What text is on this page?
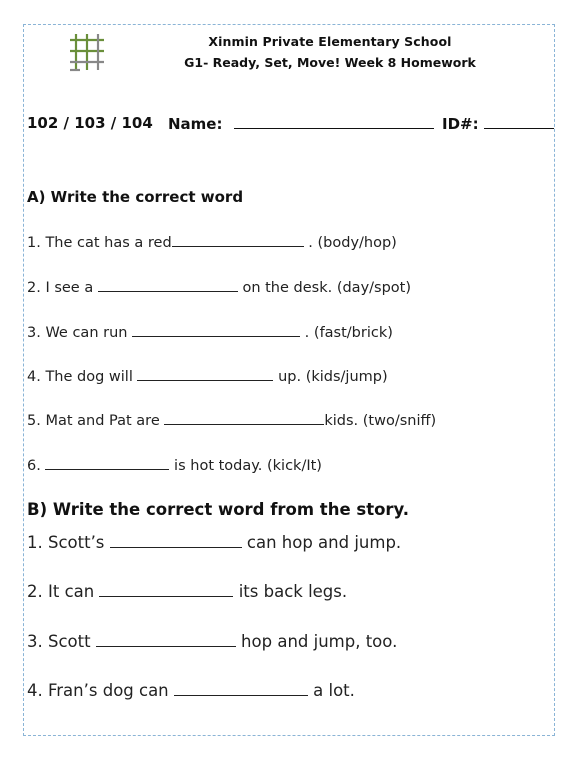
Xinmin Private Elementary School
G1- Ready, Set, Move! Week 8 Homework
102 / 103 / 104 Name:	ID#:
A) Write the correct word
1. The cat has a red	. (body/hop)
2. I see a	on the desk. (day/spot)
3. We can run	. (fast/brick)
4. The dog will	up. (kids/jump)
5. Mat and Pat are	kids. (two/sniff)
6.	is hot today. (kick/It)
B) Write the correct word from the story.
1. Scott’s	can hop and jump.
2. It can	its back legs.
3. Scott	hop and jump, too.
4. Fran’s dog can	a lot.
